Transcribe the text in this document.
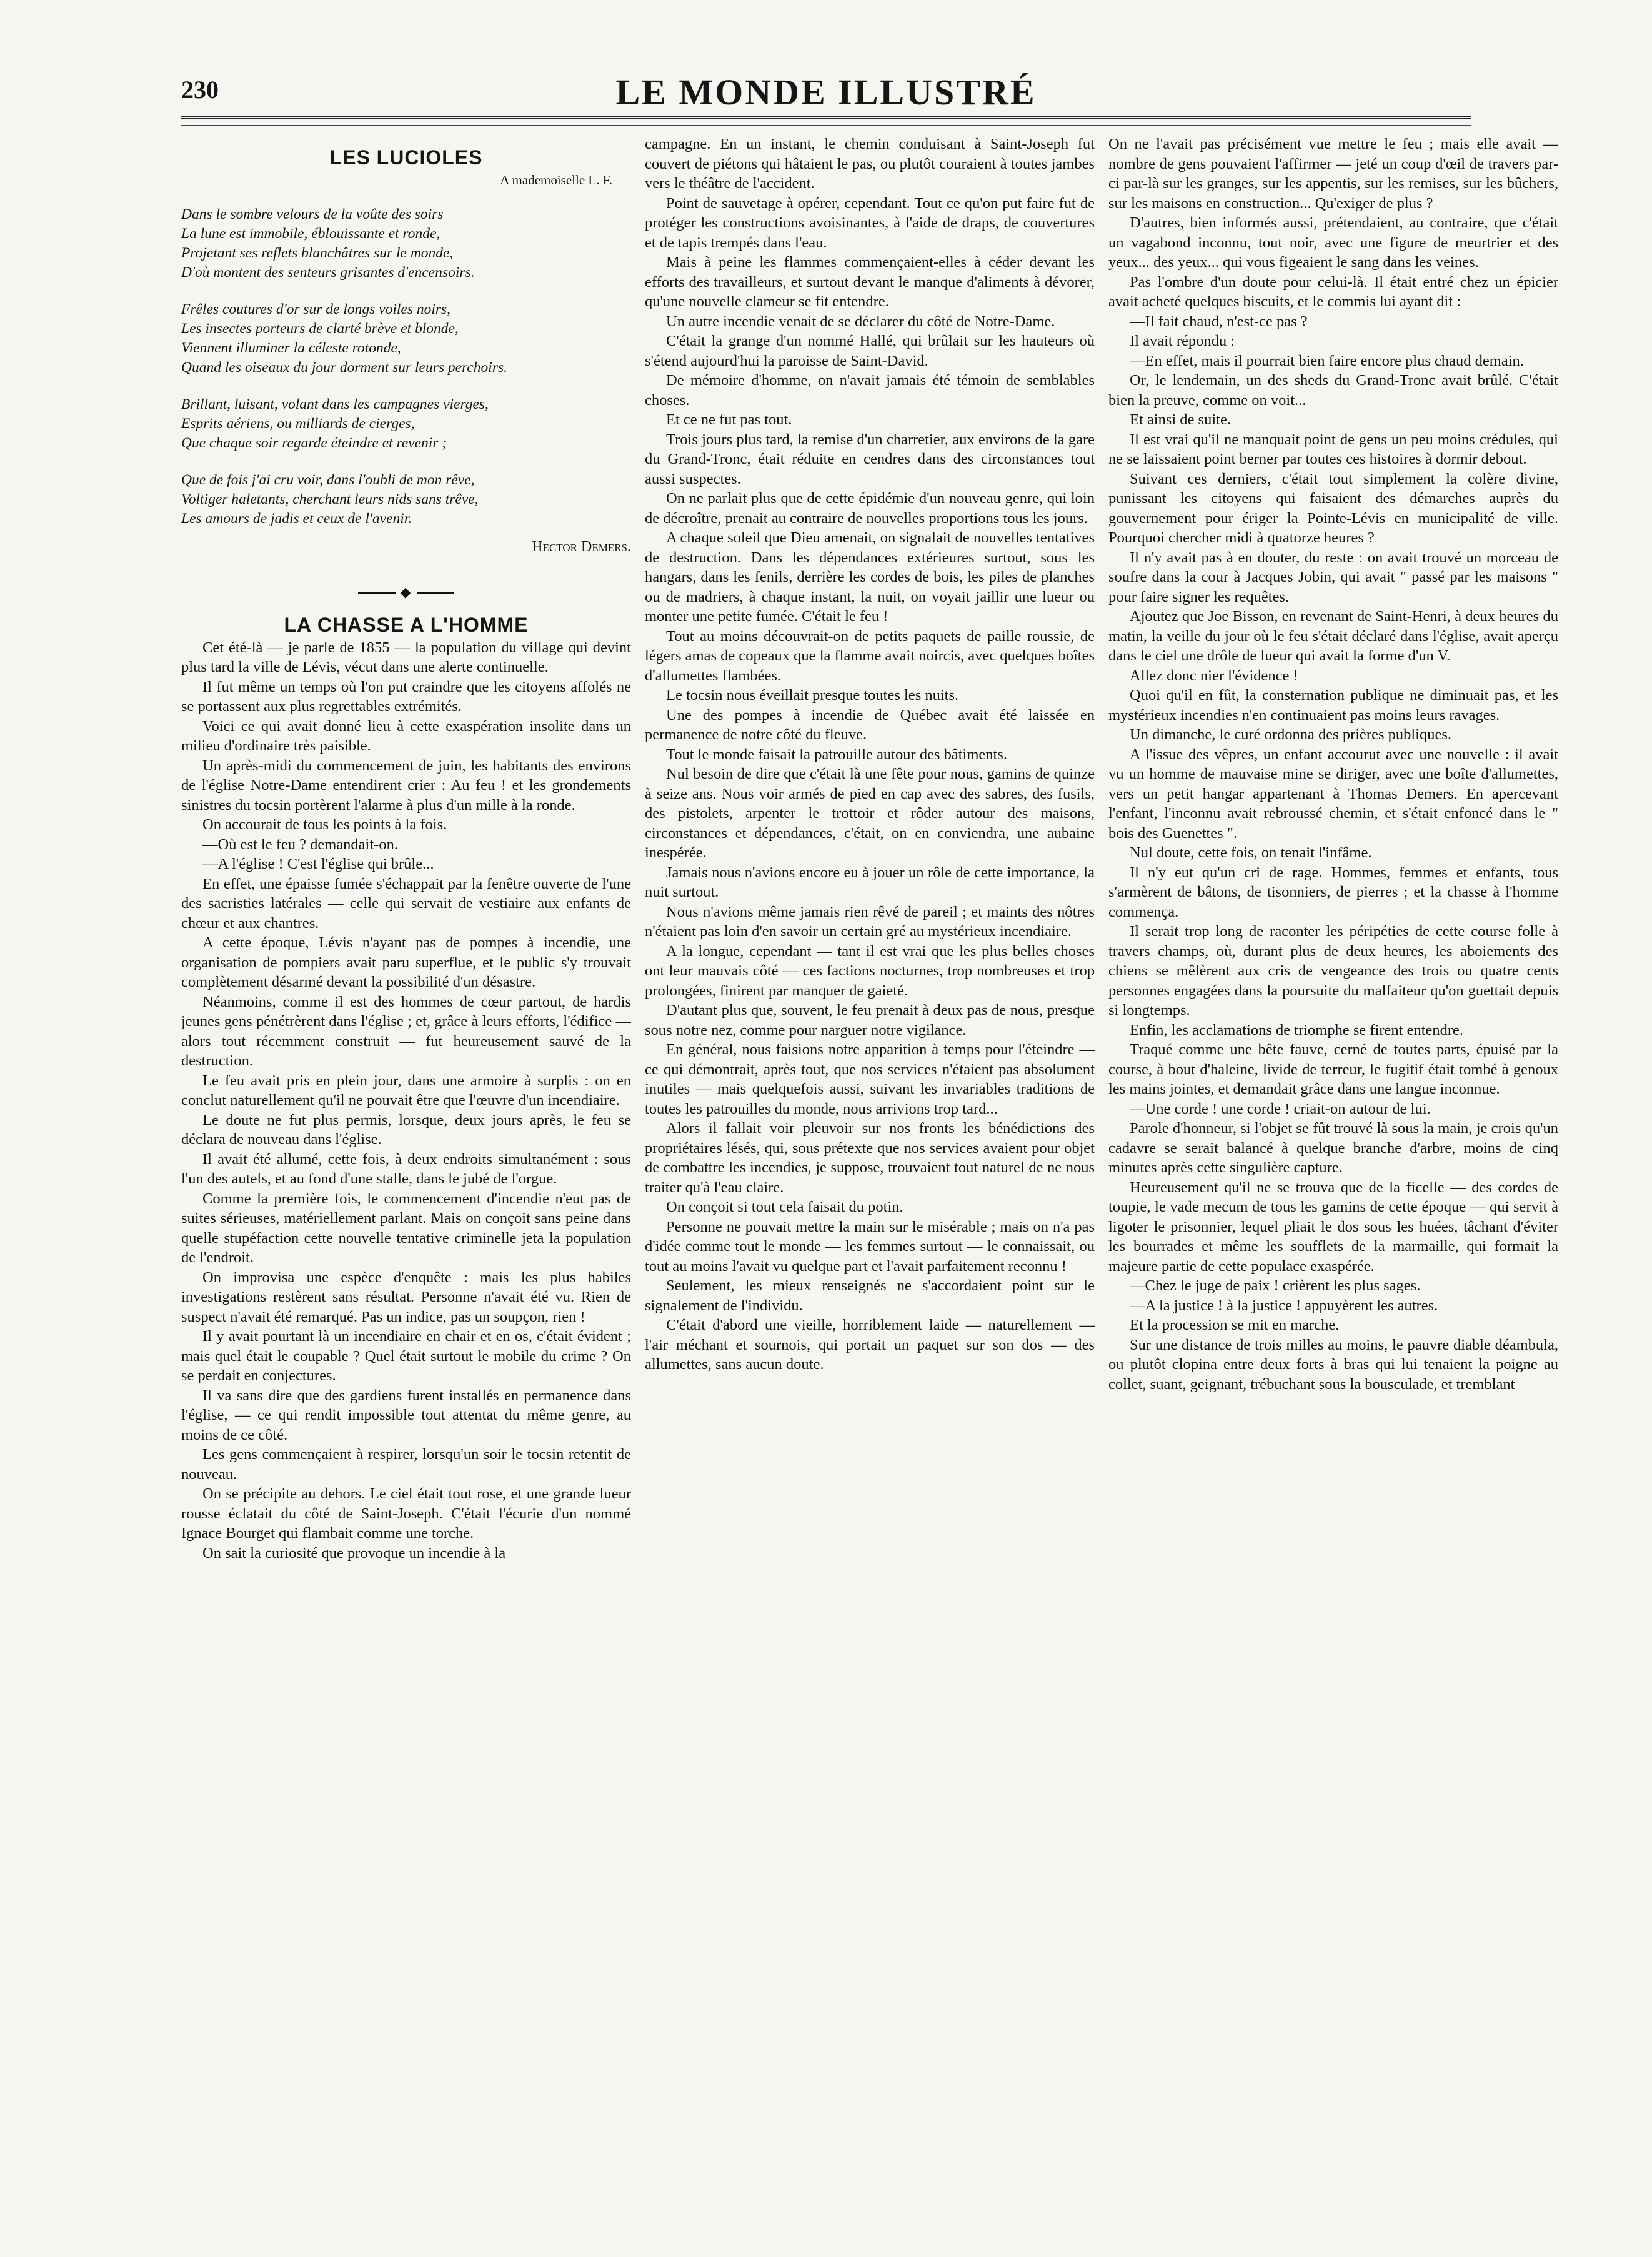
230	LE MONDE ILLUSTRÉ
LES LUCIOLES
A mademoiselle L. F.
Dans le sombre velours de la voûte des soirs
La lune est immobile, éblouissante et ronde,
Projetant ses reflets blanchâtres sur le monde,
D'où montent des senteurs grisantes d'encensoirs.
Frêles coutures d'or sur de longs voiles noirs,
Les insectes porteurs de clarté brève et blonde,
Viennent illuminer la céleste rotonde,
Quand les oiseaux du jour dorment sur leurs perchoirs.
Brillant, luisant, volant dans les campagnes vierges,
Esprits aériens, ou milliards de cierges,
Que chaque soir regarde éteindre et revenir ;
Que de fois j'ai cru voir, dans l'oubli de mon rêve,
Voltiger haletants, cherchant leurs nids sans trêve,
Les amours de jadis et ceux de l'avenir.
Hector Demers.
◆
LA CHASSE A L'HOMME

Cet été-là — je parle de 1855 — la population du village qui devint plus tard la ville de Lévis, vécut dans une alerte continuelle.

Il fut même un temps où l'on put craindre que les citoyens affolés ne se portassent aux plus regrettables extrémités.

Voici ce qui avait donné lieu à cette exaspération insolite dans un milieu d'ordinaire très paisible.

Un après-midi du commencement de juin, les habitants des environs de l'église Notre-Dame entendirent crier : Au feu ! et les grondements sinistres du tocsin portèrent l'alarme à plus d'un mille à la ronde.

On accourait de tous les points à la fois.

—Où est le feu ? demandait-on.

—A l'église ! C'est l'église qui brûle...

En effet, une épaisse fumée s'échappait par la fenêtre ouverte de l'une des sacristies latérales — celle qui servait de vestiaire aux enfants de chœur et aux chantres.

A cette époque, Lévis n'ayant pas de pompes à incendie, une organisation de pompiers avait paru superflue, et le public s'y trouvait complètement désarmé devant la possibilité d'un désastre.

Néanmoins, comme il est des hommes de cœur partout, de hardis jeunes gens pénétrèrent dans l'église ; et, grâce à leurs efforts, l'édifice — alors tout récemment construit — fut heureusement sauvé de la destruction.

Le feu avait pris en plein jour, dans une armoire à surplis : on en conclut naturellement qu'il ne pouvait être que l'œuvre d'un incendiaire.

Le doute ne fut plus permis, lorsque, deux jours après, le feu se déclara de nouveau dans l'église.

Il avait été allumé, cette fois, à deux endroits simultanément : sous l'un des autels, et au fond d'une stalle, dans le jubé de l'orgue.

Comme la première fois, le commencement d'incendie n'eut pas de suites sérieuses, matériellement parlant. Mais on conçoit sans peine dans quelle stupéfaction cette nouvelle tentative criminelle jeta la population de l'endroit.

On improvisa une espèce d'enquête : mais les plus habiles investigations restèrent sans résultat. Personne n'avait été vu. Rien de suspect n'avait été remarqué. Pas un indice, pas un soupçon, rien !

Il y avait pourtant là un incendiaire en chair et en os, c'était évident ; mais quel était le coupable ? Quel était surtout le mobile du crime ? On se perdait en conjectures.

Il va sans dire que des gardiens furent installés en permanence dans l'église, — ce qui rendit impossible tout attentat du même genre, au moins de ce côté.

Les gens commençaient à respirer, lorsqu'un soir le tocsin retentit de nouveau.

On se précipite au dehors. Le ciel était tout rose, et une grande lueur rousse éclatait du côté de Saint-Joseph. C'était l'écurie d'un nommé Ignace Bourget qui flambait comme une torche.

On sait la curiosité que provoque un incendie à la

campagne. En un instant, le chemin conduisant à Saint-Joseph fut couvert de piétons qui hâtaient le pas, ou plutôt couraient à toutes jambes vers le théâtre de l'accident.

Point de sauvetage à opérer, cependant. Tout ce qu'on put faire fut de protéger les constructions avoisinantes, à l'aide de draps, de couvertures et de tapis trempés dans l'eau.

Mais à peine les flammes commençaient-elles à céder devant les efforts des travailleurs, et surtout devant le manque d'aliments à dévorer, qu'une nouvelle clameur se fit entendre.

Un autre incendie venait de se déclarer du côté de Notre-Dame.

C'était la grange d'un nommé Hallé, qui brûlait sur les hauteurs où s'étend aujourd'hui la paroisse de Saint-David.

De mémoire d'homme, on n'avait jamais été témoin de semblables choses.

Et ce ne fut pas tout.

Trois jours plus tard, la remise d'un charretier, aux environs de la gare du Grand-Tronc, était réduite en cendres dans des circonstances tout aussi suspectes.

On ne parlait plus que de cette épidémie d'un nouveau genre, qui loin de décroître, prenait au contraire de nouvelles proportions tous les jours.

A chaque soleil que Dieu amenait, on signalait de nouvelles tentatives de destruction. Dans les dépendances extérieures surtout, sous les hangars, dans les fenils, derrière les cordes de bois, les piles de planches ou de madriers, à chaque instant, la nuit, on voyait jaillir une lueur ou monter une petite fumée. C'était le feu !

Tout au moins découvrait-on de petits paquets de paille roussie, de légers amas de copeaux que la flamme avait noircis, avec quelques boîtes d'allumettes flambées.

Le tocsin nous éveillait presque toutes les nuits.

Une des pompes à incendie de Québec avait été laissée en permanence de notre côté du fleuve.

Tout le monde faisait la patrouille autour des bâtiments.

Nul besoin de dire que c'était là une fête pour nous, gamins de quinze à seize ans. Nous voir armés de pied en cap avec des sabres, des fusils, des pistolets, arpenter le trottoir et rôder autour des maisons, circonstances et dépendances, c'était, on en conviendra, une aubaine inespérée.

Jamais nous n'avions encore eu à jouer un rôle de cette importance, la nuit surtout.

Nous n'avions même jamais rien rêvé de pareil ; et maints des nôtres n'étaient pas loin d'en savoir un certain gré au mystérieux incendiaire.

A la longue, cependant — tant il est vrai que les plus belles choses ont leur mauvais côté — ces factions nocturnes, trop nombreuses et trop prolongées, finirent par manquer de gaieté.

D'autant plus que, souvent, le feu prenait à deux pas de nous, presque sous notre nez, comme pour narguer notre vigilance.

En général, nous faisions notre apparition à temps pour l'éteindre — ce qui démontrait, après tout, que nos services n'étaient pas absolument inutiles — mais quelquefois aussi, suivant les invariables traditions de toutes les patrouilles du monde, nous arrivions trop tard...

Alors il fallait voir pleuvoir sur nos fronts les bénédictions des propriétaires lésés, qui, sous prétexte que nos services avaient pour objet de combattre les incendies, je suppose, trouvaient tout naturel de ne nous traiter qu'à l'eau claire.

On conçoit si tout cela faisait du potin.

Personne ne pouvait mettre la main sur le misérable ; mais on n'a pas d'idée comme tout le monde — les femmes surtout — le connaissait, ou tout au moins l'avait vu quelque part et l'avait parfaitement reconnu !

Seulement, les mieux renseignés ne s'accordaient point sur le signalement de l'individu.

C'était d'abord une vieille, horriblement laide — naturellement — l'air méchant et sournois, qui portait un paquet sur son dos — des allumettes, sans aucun doute.

On ne l'avait pas précisément vue mettre le feu ; mais elle avait — nombre de gens pouvaient l'affirmer — jeté un coup d'œil de travers par-ci par-là sur les granges, sur les appentis, sur les remises, sur les bûchers, sur les maisons en construction... Qu'exiger de plus ?

D'autres, bien informés aussi, prétendaient, au contraire, que c'était un vagabond inconnu, tout noir, avec une figure de meurtrier et des yeux... des yeux... qui vous figeaient le sang dans les veines.

Pas l'ombre d'un doute pour celui-là. Il était entré chez un épicier avait acheté quelques biscuits, et le commis lui ayant dit :

—Il fait chaud, n'est-ce pas ?

Il avait répondu :

—En effet, mais il pourrait bien faire encore plus chaud demain.

Or, le lendemain, un des sheds du Grand-Tronc avait brûlé. C'était bien la preuve, comme on voit...

Et ainsi de suite.

Il est vrai qu'il ne manquait point de gens un peu moins crédules, qui ne se laissaient point berner par toutes ces histoires à dormir debout.

Suivant ces derniers, c'était tout simplement la colère divine, punissant les citoyens qui faisaient des démarches auprès du gouvernement pour ériger la Pointe-Lévis en municipalité de ville. Pourquoi chercher midi à quatorze heures ?

Il n'y avait pas à en douter, du reste : on avait trouvé un morceau de soufre dans la cour à Jacques Jobin, qui avait " passé par les maisons " pour faire signer les requêtes.

Ajoutez que Joe Bisson, en revenant de Saint-Henri, à deux heures du matin, la veille du jour où le feu s'était déclaré dans l'église, avait aperçu dans le ciel une drôle de lueur qui avait la forme d'un V.

Allez donc nier l'évidence !

Quoi qu'il en fût, la consternation publique ne diminuait pas, et les mystérieux incendies n'en continuaient pas moins leurs ravages.

Un dimanche, le curé ordonna des prières publiques.

A l'issue des vêpres, un enfant accourut avec une nouvelle : il avait vu un homme de mauvaise mine se diriger, avec une boîte d'allumettes, vers un petit hangar appartenant à Thomas Demers. En apercevant l'enfant, l'inconnu avait rebroussé chemin, et s'était enfoncé dans le " bois des Guenettes ".

Nul doute, cette fois, on tenait l'infâme.

Il n'y eut qu'un cri de rage. Hommes, femmes et enfants, tous s'armèrent de bâtons, de tisonniers, de pierres ; et la chasse à l'homme commença.

Il serait trop long de raconter les péripéties de cette course folle à travers champs, où, durant plus de deux heures, les aboiements des chiens se mêlèrent aux cris de vengeance des trois ou quatre cents personnes engagées dans la poursuite du malfaiteur qu'on guettait depuis si longtemps.

Enfin, les acclamations de triomphe se firent entendre.

Traqué comme une bête fauve, cerné de toutes parts, épuisé par la course, à bout d'haleine, livide de terreur, le fugitif était tombé à genoux les mains jointes, et demandait grâce dans une langue inconnue.

—Une corde ! une corde ! criait-on autour de lui.

Parole d'honneur, si l'objet se fût trouvé là sous la main, je crois qu'un cadavre se serait balancé à quelque branche d'arbre, moins de cinq minutes après cette singulière capture.

Heureusement qu'il ne se trouva que de la ficelle — des cordes de toupie, le vade mecum de tous les gamins de cette époque — qui servit à ligoter le prisonnier, lequel pliait le dos sous les huées, tâchant d'éviter les bourrades et même les soufflets de la marmaille, qui formait la majeure partie de cette populace exaspérée.

—Chez le juge de paix ! crièrent les plus sages.

—A la justice ! à la justice ! appuyèrent les autres.

Et la procession se mit en marche.

Sur une distance de trois milles au moins, le pauvre diable déambula, ou plutôt clopina entre deux forts à bras qui lui tenaient la poigne au collet, suant, geignant, trébuchant sous la bousculade, et tremblant
